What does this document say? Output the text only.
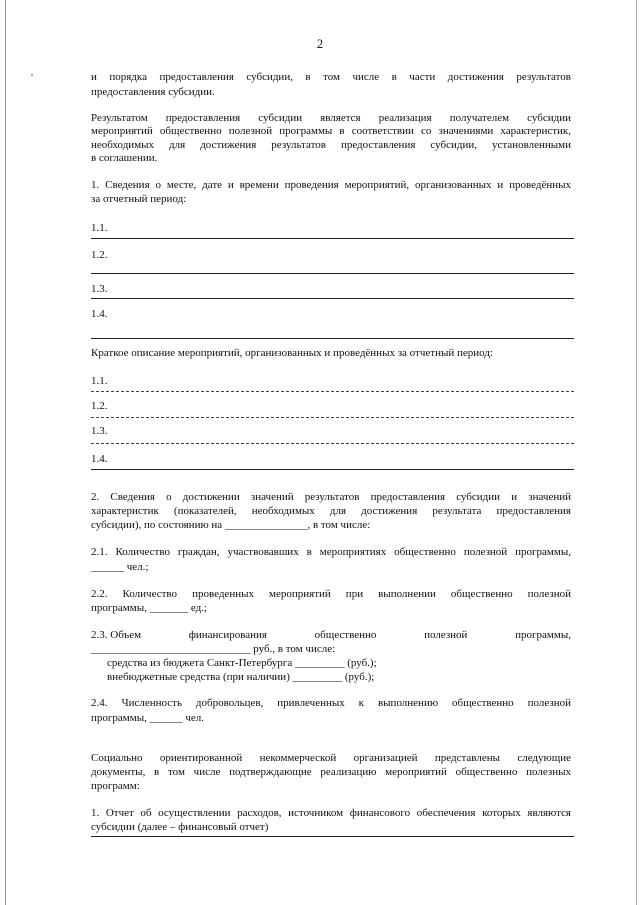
2
и порядка предоставления субсидии, в том числе в части достижения результатов
предоставления субсидии.
Результатом предоставления субсидии является реализация получателем субсидии
мероприятий общественно полезной программы в соответствии со значениями характеристик,
необходимых для достижения результатов предоставления субсидии, установленными
в соглашении.
1. Сведения о месте, дате и времени проведения мероприятий, организованных и проведённых
за отчетный период:
1.1.
1.2.
1.3.
1.4.
Краткое описание мероприятий, организованных и проведённых за отчетный период:
1.1.
1.2.
1.3.
1.4.
2. Сведения о достижении значений результатов предоставления субсидии и значений
характеристик (показателей, необходимых для достижения результата предоставления
субсидии), по состоянию на _______________, в том числе:
2.1. Количество граждан, участвовавших в мероприятиях общественно полезной программы,
______ чел.;
2.2. Количество проведенных мероприятий при выполнении общественно полезной
программы, _______ ед.;
2.3. Объем	финансирования	общественно	полезной	программы,
_____________________________ руб., в том числе:
средства из бюджета Санкт-Петербурга _________ (руб.);
внебюджетные средства (при наличии) _________ (руб.);
2.4. Численность добровольцев, привлеченных к выполнению общественно полезной
программы, ______ чел.
Социально ориентированной некоммерческой организацией представлены следующие
документы, в том числе подтверждающие реализацию мероприятий общественно полезных
программ:
1. Отчет об осуществлении расходов, источником финансового обеспечения которых являются
субсидии (далее – финансовый отчет)
